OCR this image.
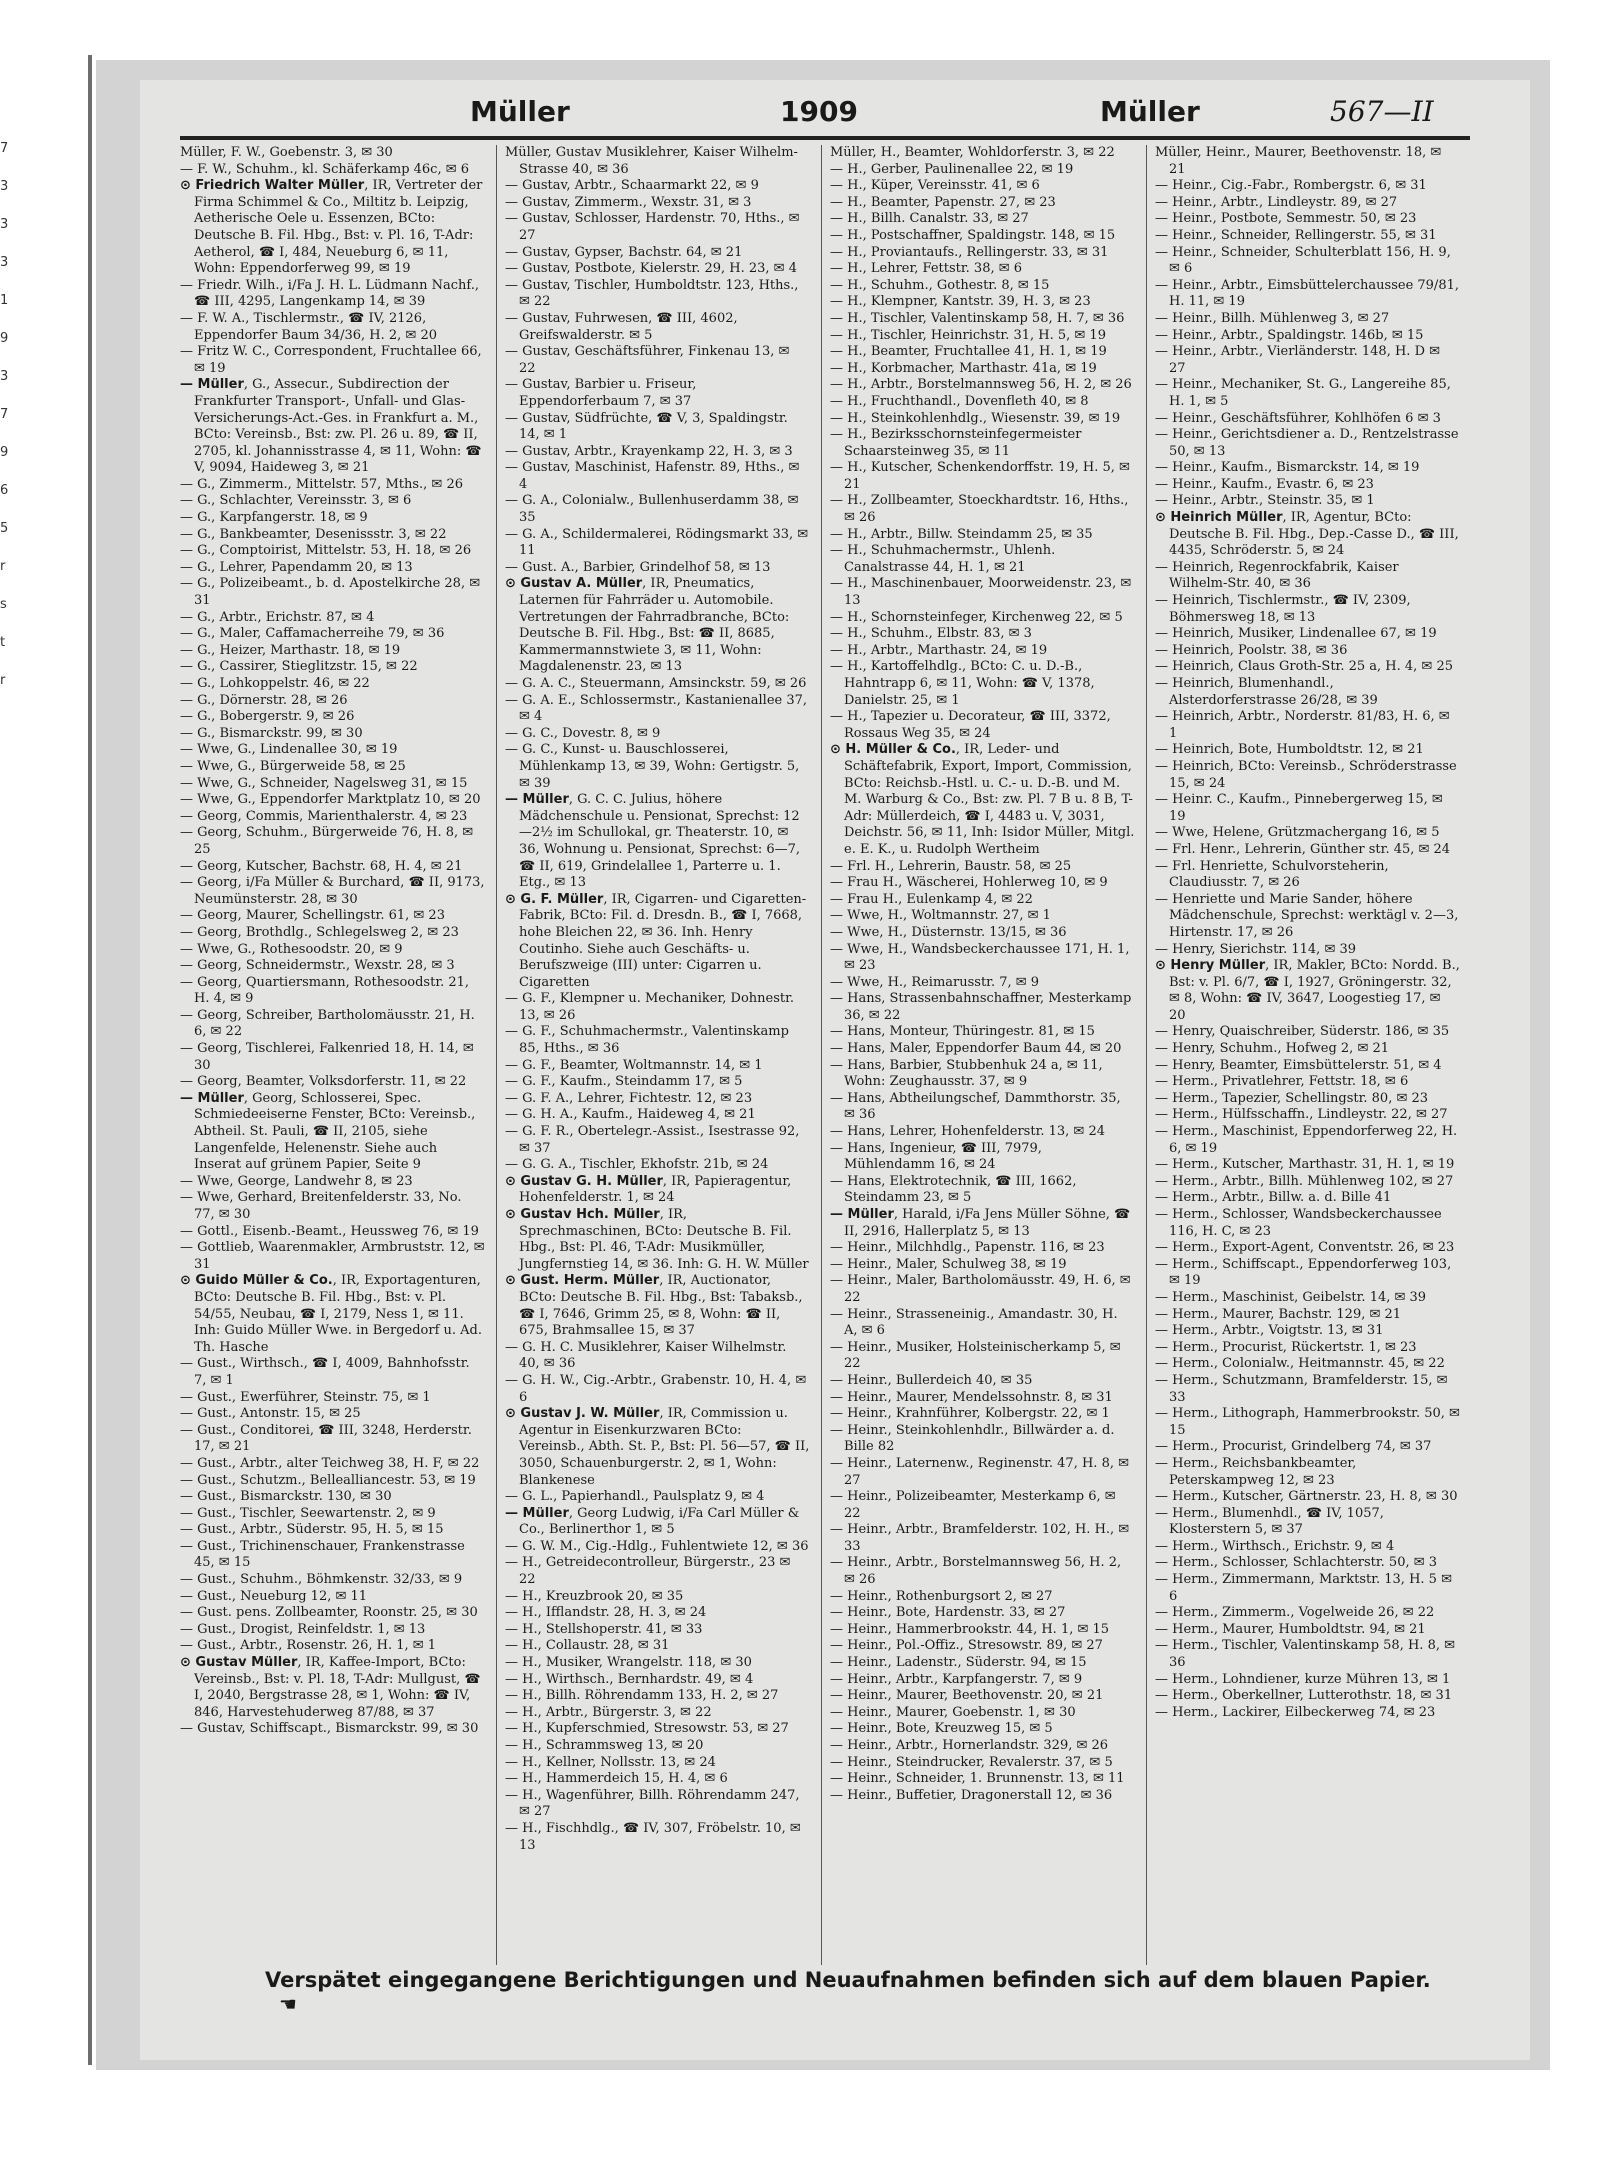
7
3
3
3
1
9
3
7
9
6
5
r
s
t
r
Müller	1909	Müller	567—II

Müller, F. W., Goebenstr. 3, ✉ 30

— F. W., Schuhm., kl. Schäferkamp 46c, ✉ 6

⊙ Friedrich Walter Müller, IR, Vertreter der Firma Schimmel & Co., Miltitz b. Leipzig, Aetherische Oele u. Essenzen, BCto: Deutsche B. Fil. Hbg., Bst: v. Pl. 16, T-Adr: Aetherol, ☎ I, 484, Neueburg 6, ✉ 11, Wohn: Eppendorferweg 99, ✉ 19

— Friedr. Wilh., i/Fa J. H. L. Lüdmann Nachf., ☎ III, 4295, Langenkamp 14, ✉ 39

— F. W. A., Tischlermstr., ☎ IV, 2126, Eppendorfer Baum 34/36, H. 2, ✉ 20

— Fritz W. C., Correspondent, Fruchtallee 66, ✉ 19

— Müller, G., Assecur., Subdirection der Frankfurter Transport-, Unfall- und Glas-Versicherungs-Act.-Ges. in Frankfurt a. M., BCto: Vereinsb., Bst: zw. Pl. 26 u. 89, ☎ II, 2705, kl. Johannisstrasse 4, ✉ 11, Wohn: ☎ V, 9094, Haideweg 3, ✉ 21

— G., Zimmerm., Mittelstr. 57, Mths., ✉ 26

— G., Schlachter, Vereinsstr. 3, ✉ 6

— G., Karpfangerstr. 18, ✉ 9

— G., Bankbeamter, Desenissstr. 3, ✉ 22

— G., Comptoirist, Mittelstr. 53, H. 18, ✉ 26

— G., Lehrer, Papendamm 20, ✉ 13

— G., Polizeibeamt., b. d. Apostelkirche 28, ✉ 31

— G., Arbtr., Erichstr. 87, ✉ 4

— G., Maler, Caffamacherreihe 79, ✉ 36

— G., Heizer, Marthastr. 18, ✉ 19

— G., Cassirer, Stieglitzstr. 15, ✉ 22

— G., Lohkoppelstr. 46, ✉ 22

— G., Dörnerstr. 28, ✉ 26

— G., Bobergerstr. 9, ✉ 26

— G., Bismarckstr. 99, ✉ 30

— Wwe, G., Lindenallee 30, ✉ 19

— Wwe, G., Bürgerweide 58, ✉ 25

— Wwe, G., Schneider, Nagelsweg 31, ✉ 15

— Wwe, G., Eppendorfer Marktplatz 10, ✉ 20

— Georg, Commis, Marienthalerstr. 4, ✉ 23

— Georg, Schuhm., Bürgerweide 76, H. 8, ✉ 25

— Georg, Kutscher, Bachstr. 68, H. 4, ✉ 21

— Georg, i/Fa Müller & Burchard, ☎ II, 9173, Neumünsterstr. 28, ✉ 30

— Georg, Maurer, Schellingstr. 61, ✉ 23

— Georg, Brothdlg., Schlegelsweg 2, ✉ 23

— Wwe, G., Rothesoodstr. 20, ✉ 9

— Georg, Schneidermstr., Wexstr. 28, ✉ 3

— Georg, Quartiersmann, Rothesoodstr. 21, H. 4, ✉ 9

— Georg, Schreiber, Bartholomäusstr. 21, H. 6, ✉ 22

— Georg, Tischlerei, Falkenried 18, H. 14, ✉ 30

— Georg, Beamter, Volksdorferstr. 11, ✉ 22

— Müller, Georg, Schlosserei, Spec. Schmiedeeiserne Fenster, BCto: Vereinsb., Abtheil. St. Pauli, ☎ II, 2105, siehe Langenfelde, Helenenstr. Siehe auch Inserat auf grünem Papier, Seite 9

— Wwe, George, Landwehr 8, ✉ 23

— Wwe, Gerhard, Breitenfelderstr. 33, No. 77, ✉ 30

— Gottl., Eisenb.-Beamt., Heussweg 76, ✉ 19

— Gottlieb, Waarenmakler, Armbruststr. 12, ✉ 31

⊙ Guido Müller & Co., IR, Exportagenturen, BCto: Deutsche B. Fil. Hbg., Bst: v. Pl. 54/55, Neubau, ☎ I, 2179, Ness 1, ✉ 11. Inh: Guido Müller Wwe. in Bergedorf u. Ad. Th. Hasche

— Gust., Wirthsch., ☎ I, 4009, Bahnhofsstr. 7, ✉ 1

— Gust., Ewerführer, Steinstr. 75, ✉ 1

— Gust., Antonstr. 15, ✉ 25

— Gust., Conditorei, ☎ III, 3248, Herderstr. 17, ✉ 21

— Gust., Arbtr., alter Teichweg 38, H. F, ✉ 22

— Gust., Schutzm., Bellealliancestr. 53, ✉ 19

— Gust., Bismarckstr. 130, ✉ 30

— Gust., Tischler, Seewartenstr. 2, ✉ 9

— Gust., Arbtr., Süderstr. 95, H. 5, ✉ 15

— Gust., Trichinenschauer, Frankenstrasse 45, ✉ 15

— Gust., Schuhm., Böhmkenstr. 32/33, ✉ 9

— Gust., Neueburg 12, ✉ 11

— Gust. pens. Zollbeamter, Roonstr. 25, ✉ 30

— Gust., Drogist, Reinfeldstr. 1, ✉ 13

— Gust., Arbtr., Rosenstr. 26, H. 1, ✉ 1

⊙ Gustav Müller, IR, Kaffee-Import, BCto: Vereinsb., Bst: v. Pl. 18, T-Adr: Mullgust, ☎ I, 2040, Bergstrasse 28, ✉ 1, Wohn: ☎ IV, 846, Harvestehuderweg 87/88, ✉ 37

— Gustav, Schiffscapt., Bismarckstr. 99, ✉ 30

Müller, Gustav Musiklehrer, Kaiser Wilhelm-Strasse 40, ✉ 36

— Gustav, Arbtr., Schaarmarkt 22, ✉ 9

— Gustav, Zimmerm., Wexstr. 31, ✉ 3

— Gustav, Schlosser, Hardenstr. 70, Hths., ✉ 27

— Gustav, Gypser, Bachstr. 64, ✉ 21

— Gustav, Postbote, Kielerstr. 29, H. 23, ✉ 4

— Gustav, Tischler, Humboldtstr. 123, Hths., ✉ 22

— Gustav, Fuhrwesen, ☎ III, 4602, Greifswalderstr. ✉ 5

— Gustav, Geschäftsführer, Finkenau 13, ✉ 22

— Gustav, Barbier u. Friseur, Eppendorferbaum 7, ✉ 37

— Gustav, Südfrüchte, ☎ V, 3, Spaldingstr. 14, ✉ 1

— Gustav, Arbtr., Krayenkamp 22, H. 3, ✉ 3

— Gustav, Maschinist, Hafenstr. 89, Hths., ✉ 4

— G. A., Colonialw., Bullenhuserdamm 38, ✉ 35

— G. A., Schildermalerei, Rödingsmarkt 33, ✉ 11

— Gust. A., Barbier, Grindelhof 58, ✉ 13

⊙ Gustav A. Müller, IR, Pneumatics, Laternen für Fahrräder u. Automobile. Vertretungen der Fahrradbranche, BCto: Deutsche B. Fil. Hbg., Bst: ☎ II, 8685, Kammermannstwiete 3, ✉ 11, Wohn: Magdalenenstr. 23, ✉ 13

— G. A. C., Steuermann, Amsinckstr. 59, ✉ 26

— G. A. E., Schlossermstr., Kastanienallee 37, ✉ 4

— G. C., Dovestr. 8, ✉ 9

— G. C., Kunst- u. Bauschlosserei, Mühlenkamp 13, ✉ 39, Wohn: Gertigstr. 5, ✉ 39

— Müller, G. C. C. Julius, höhere Mädchenschule u. Pensionat, Sprechst: 12—2½ im Schullokal, gr. Theaterstr. 10, ✉ 36, Wohnung u. Pensionat, Sprechst: 6—7, ☎ II, 619, Grindelallee 1, Parterre u. 1. Etg., ✉ 13

⊙ G. F. Müller, IR, Cigarren- und Cigaretten-Fabrik, BCto: Fil. d. Dresdn. B., ☎ I, 7668, hohe Bleichen 22, ✉ 36. Inh. Henry Coutinho. Siehe auch Geschäfts- u. Berufszweige (III) unter: Cigarren u. Cigaretten

— G. F., Klempner u. Mechaniker, Dohnestr. 13, ✉ 26

— G. F., Schuhmachermstr., Valentinskamp 85, Hths., ✉ 36

— G. F., Beamter, Woltmannstr. 14, ✉ 1

— G. F., Kaufm., Steindamm 17, ✉ 5

— G. F. A., Lehrer, Fichtestr. 12, ✉ 23

— G. H. A., Kaufm., Haideweg 4, ✉ 21

— G. F. R., Obertelegr.-Assist., Isestrasse 92, ✉ 37

— G. G. A., Tischler, Ekhofstr. 21b, ✉ 24

⊙ Gustav G. H. Müller, IR, Papieragentur, Hohenfelderstr. 1, ✉ 24

⊙ Gustav Hch. Müller, IR, Sprechmaschinen, BCto: Deutsche B. Fil. Hbg., Bst: Pl. 46, T-Adr: Musikmüller, Jungfernstieg 14, ✉ 36. Inh: G. H. W. Müller

⊙ Gust. Herm. Müller, IR, Auctionator, BCto: Deutsche B. Fil. Hbg., Bst: Tabaksb., ☎ I, 7646, Grimm 25, ✉ 8, Wohn: ☎ II, 675, Brahmsallee 15, ✉ 37

— G. H. C. Musiklehrer, Kaiser Wilhelmstr. 40, ✉ 36

— G. H. W., Cig.-Arbtr., Grabenstr. 10, H. 4, ✉ 6

⊙ Gustav J. W. Müller, IR, Commission u. Agentur in Eisenkurzwaren BCto: Vereinsb., Abth. St. P., Bst: Pl. 56—57, ☎ II, 3050, Schauenburgerstr. 2, ✉ 1, Wohn: Blankenese

— G. L., Papierhandl., Paulsplatz 9, ✉ 4

— Müller, Georg Ludwig, i/Fa Carl Müller & Co., Berlinerthor 1, ✉ 5

— G. W. M., Cig.-Hdlg., Fuhlentwiete 12, ✉ 36

— H., Getreidecontrolleur, Bürgerstr., 23 ✉ 22

— H., Kreuzbrook 20, ✉ 35

— H., Ifflandstr. 28, H. 3, ✉ 24

— H., Stellshoperstr. 41, ✉ 33

— H., Collaustr. 28, ✉ 31

— H., Musiker, Wrangelstr. 118, ✉ 30

— H., Wirthsch., Bernhardstr. 49, ✉ 4

— H., Billh. Röhrendamm 133, H. 2, ✉ 27

— H., Arbtr., Bürgerstr. 3, ✉ 22

— H., Kupferschmied, Stresowstr. 53, ✉ 27

— H., Schrammsweg 13, ✉ 20

— H., Kellner, Nollsstr. 13, ✉ 24

— H., Hammerdeich 15, H. 4, ✉ 6

— H., Wagenführer, Billh. Röhrendamm 247, ✉ 27

— H., Fischhdlg., ☎ IV, 307, Fröbelstr. 10, ✉ 13

Müller, H., Beamter, Wohldorferstr. 3, ✉ 22

— H., Gerber, Paulinenallee 22, ✉ 19

— H., Küper, Vereinsstr. 41, ✉ 6

— H., Beamter, Papenstr. 27, ✉ 23

— H., Billh. Canalstr. 33, ✉ 27

— H., Postschaffner, Spaldingstr. 148, ✉ 15

— H., Proviantaufs., Rellingerstr. 33, ✉ 31

— H., Lehrer, Fettstr. 38, ✉ 6

— H., Schuhm., Gothestr. 8, ✉ 15

— H., Klempner, Kantstr. 39, H. 3, ✉ 23

— H., Tischler, Valentinskamp 58, H. 7, ✉ 36

— H., Tischler, Heinrichstr. 31, H. 5, ✉ 19

— H., Beamter, Fruchtallee 41, H. 1, ✉ 19

— H., Korbmacher, Marthastr. 41a, ✉ 19

— H., Arbtr., Borstelmannsweg 56, H. 2, ✉ 26

— H., Fruchthandl., Dovenfleth 40, ✉ 8

— H., Steinkohlenhdlg., Wiesenstr. 39, ✉ 19

— H., Bezirksschornsteinfegermeister Schaarsteinweg 35, ✉ 11

— H., Kutscher, Schenkendorffstr. 19, H. 5, ✉ 21

— H., Zollbeamter, Stoeckhardtstr. 16, Hths., ✉ 26

— H., Arbtr., Billw. Steindamm 25, ✉ 35

— H., Schuhmachermstr., Uhlenh. Canalstrasse 44, H. 1, ✉ 21

— H., Maschinenbauer, Moorweidenstr. 23, ✉ 13

— H., Schornsteinfeger, Kirchenweg 22, ✉ 5

— H., Schuhm., Elbstr. 83, ✉ 3

— H., Arbtr., Marthastr. 24, ✉ 19

— H., Kartoffelhdlg., BCto: C. u. D.-B., Hahntrapp 6, ✉ 11, Wohn: ☎ V, 1378, Danielstr. 25, ✉ 1

— H., Tapezier u. Decorateur, ☎ III, 3372, Rossaus Weg 35, ✉ 24

⊙ H. Müller & Co., IR, Leder- und Schäftefabrik, Export, Import, Commission, BCto: Reichsb.-Hstl. u. C.- u. D.-B. und M. M. Warburg & Co., Bst: zw. Pl. 7 B u. 8 B, T-Adr: Müllerdeich, ☎ I, 4483 u. V, 3031, Deichstr. 56, ✉ 11, Inh: Isidor Müller, Mitgl. e. E. K., u. Rudolph Wertheim

— Frl. H., Lehrerin, Baustr. 58, ✉ 25

— Frau H., Wäscherei, Hohlerweg 10, ✉ 9

— Frau H., Eulenkamp 4, ✉ 22

— Wwe, H., Woltmannstr. 27, ✉ 1

— Wwe, H., Düsternstr. 13/15, ✉ 36

— Wwe, H., Wandsbeckerchaussee 171, H. 1, ✉ 23

— Wwe, H., Reimarusstr. 7, ✉ 9

— Hans, Strassenbahnschaffner, Mesterkamp 36, ✉ 22

— Hans, Monteur, Thüringestr. 81, ✉ 15

— Hans, Maler, Eppendorfer Baum 44, ✉ 20

— Hans, Barbier, Stubbenhuk 24 a, ✉ 11, Wohn: Zeughausstr. 37, ✉ 9

— Hans, Abtheilungschef, Dammthorstr. 35, ✉ 36

— Hans, Lehrer, Hohenfelderstr. 13, ✉ 24

— Hans, Ingenieur, ☎ III, 7979, Mühlendamm 16, ✉ 24

— Hans, Elektrotechnik, ☎ III, 1662, Steindamm 23, ✉ 5

— Müller, Harald, i/Fa Jens Müller Söhne, ☎ II, 2916, Hallerplatz 5, ✉ 13

— Heinr., Milchhdlg., Papenstr. 116, ✉ 23

— Heinr., Maler, Schulweg 38, ✉ 19

— Heinr., Maler, Bartholomäusstr. 49, H. 6, ✉ 22

— Heinr., Strasseneinig., Amandastr. 30, H. A, ✉ 6

— Heinr., Musiker, Holsteinischerkamp 5, ✉ 22

— Heinr., Bullerdeich 40, ✉ 35

— Heinr., Maurer, Mendelssohnstr. 8, ✉ 31

— Heinr., Krahnführer, Kolbergstr. 22, ✉ 1

— Heinr., Steinkohlenhdlr., Billwärder a. d. Bille 82

— Heinr., Laternenw., Reginenstr. 47, H. 8, ✉ 27

— Heinr., Polizeibeamter, Mesterkamp 6, ✉ 22

— Heinr., Arbtr., Bramfelderstr. 102, H. H., ✉ 33

— Heinr., Arbtr., Borstelmannsweg 56, H. 2, ✉ 26

— Heinr., Rothenburgsort 2, ✉ 27

— Heinr., Bote, Hardenstr. 33, ✉ 27

— Heinr., Hammerbrookstr. 44, H. 1, ✉ 15

— Heinr., Pol.-Offiz., Stresowstr. 89, ✉ 27

— Heinr., Ladenstr., Süderstr. 94, ✉ 15

— Heinr., Arbtr., Karpfangerstr. 7, ✉ 9

— Heinr., Maurer, Beethovenstr. 20, ✉ 21

— Heinr., Maurer, Goebenstr. 1, ✉ 30

— Heinr., Bote, Kreuzweg 15, ✉ 5

— Heinr., Arbtr., Hornerlandstr. 329, ✉ 26

— Heinr., Steindrucker, Revalerstr. 37, ✉ 5

— Heinr., Schneider, 1. Brunnenstr. 13, ✉ 11

— Heinr., Buffetier, Dragonerstall 12, ✉ 36

Müller, Heinr., Maurer, Beethovenstr. 18, ✉ 21

— Heinr., Cig.-Fabr., Rombergstr. 6, ✉ 31

— Heinr., Arbtr., Lindleystr. 89, ✉ 27

— Heinr., Postbote, Semmestr. 50, ✉ 23

— Heinr., Schneider, Rellingerstr. 55, ✉ 31

— Heinr., Schneider, Schulterblatt 156, H. 9, ✉ 6

— Heinr., Arbtr., Eimsbüttelerchaussee 79/81, H. 11, ✉ 19

— Heinr., Billh. Mühlenweg 3, ✉ 27

— Heinr., Arbtr., Spaldingstr. 146b, ✉ 15

— Heinr., Arbtr., Vierländerstr. 148, H. D ✉ 27

— Heinr., Mechaniker, St. G., Langereihe 85, H. 1, ✉ 5

— Heinr., Geschäftsführer, Kohlhöfen 6 ✉ 3

— Heinr., Gerichtsdiener a. D., Rentzelstrasse 50, ✉ 13

— Heinr., Kaufm., Bismarckstr. 14, ✉ 19

— Heinr., Kaufm., Evastr. 6, ✉ 23

— Heinr., Arbtr., Steinstr. 35, ✉ 1

⊙ Heinrich Müller, IR, Agentur, BCto: Deutsche B. Fil. Hbg., Dep.-Casse D., ☎ III, 4435, Schröderstr. 5, ✉ 24

— Heinrich, Regenrockfabrik, Kaiser Wilhelm-Str. 40, ✉ 36

— Heinrich, Tischlermstr., ☎ IV, 2309, Böhmersweg 18, ✉ 13

— Heinrich, Musiker, Lindenallee 67, ✉ 19

— Heinrich, Poolstr. 38, ✉ 36

— Heinrich, Claus Groth-Str. 25 a, H. 4, ✉ 25

— Heinrich, Blumenhandl., Alsterdorferstrasse 26/28, ✉ 39

— Heinrich, Arbtr., Norderstr. 81/83, H. 6, ✉ 1

— Heinrich, Bote, Humboldtstr. 12, ✉ 21

— Heinrich, BCto: Vereinsb., Schröderstrasse 15, ✉ 24

— Heinr. C., Kaufm., Pinnebergerweg 15, ✉ 19

— Wwe, Helene, Grützmachergang 16, ✉ 5

— Frl. Henr., Lehrerin, Günther str. 45, ✉ 24

— Frl. Henriette, Schulvorsteherin, Claudiusstr. 7, ✉ 26

— Henriette und Marie Sander, höhere Mädchenschule, Sprechst: werktägl v. 2—3, Hirtenstr. 17, ✉ 26

— Henry, Sierichstr. 114, ✉ 39

⊙ Henry Müller, IR, Makler, BCto: Nordd. B., Bst: v. Pl. 6/7, ☎ I, 1927, Gröningerstr. 32, ✉ 8, Wohn: ☎ IV, 3647, Loogestieg 17, ✉ 20

— Henry, Quaischreiber, Süderstr. 186, ✉ 35

— Henry, Schuhm., Hofweg 2, ✉ 21

— Henry, Beamter, Eimsbüttelerstr. 51, ✉ 4

— Herm., Privatlehrer, Fettstr. 18, ✉ 6

— Herm., Tapezier, Schellingstr. 80, ✉ 23

— Herm., Hülfsschaffn., Lindleystr. 22, ✉ 27

— Herm., Maschinist, Eppendorferweg 22, H. 6, ✉ 19

— Herm., Kutscher, Marthastr. 31, H. 1, ✉ 19

— Herm., Arbtr., Billh. Mühlenweg 102, ✉ 27

— Herm., Arbtr., Billw. a. d. Bille 41

— Herm., Schlosser, Wandsbeckerchaussee 116, H. C, ✉ 23

— Herm., Export-Agent, Conventstr. 26, ✉ 23

— Herm., Schiffscapt., Eppendorferweg 103, ✉ 19

— Herm., Maschinist, Geibelstr. 14, ✉ 39

— Herm., Maurer, Bachstr. 129, ✉ 21

— Herm., Arbtr., Voigtstr. 13, ✉ 31

— Herm., Procurist, Rückertstr. 1, ✉ 23

— Herm., Colonialw., Heitmannstr. 45, ✉ 22

— Herm., Schutzmann, Bramfelderstr. 15, ✉ 33

— Herm., Lithograph, Hammerbrookstr. 50, ✉ 15

— Herm., Procurist, Grindelberg 74, ✉ 37

— Herm., Reichsbankbeamter, Peterskampweg 12, ✉ 23

— Herm., Kutscher, Gärtnerstr. 23, H. 8, ✉ 30

— Herm., Blumenhdl., ☎ IV, 1057, Klosterstern 5, ✉ 37

— Herm., Wirthsch., Erichstr. 9, ✉ 4

— Herm., Schlosser, Schlachterstr. 50, ✉ 3

— Herm., Zimmermann, Marktstr. 13, H. 5 ✉ 6

— Herm., Zimmerm., Vogelweide 26, ✉ 22

— Herm., Maurer, Humboldtstr. 94, ✉ 21

— Herm., Tischler, Valentinskamp 58, H. 8, ✉ 36

— Herm., Lohndiener, kurze Mühren 13, ✉ 1

— Herm., Oberkellner, Lutterothstr. 18, ✉ 31

— Herm., Lackirer, Eilbeckerweg 74, ✉ 23

Verspätet eingegangene Berichtigungen und Neuaufnahmen befinden sich auf dem blauen Papier. ☚
